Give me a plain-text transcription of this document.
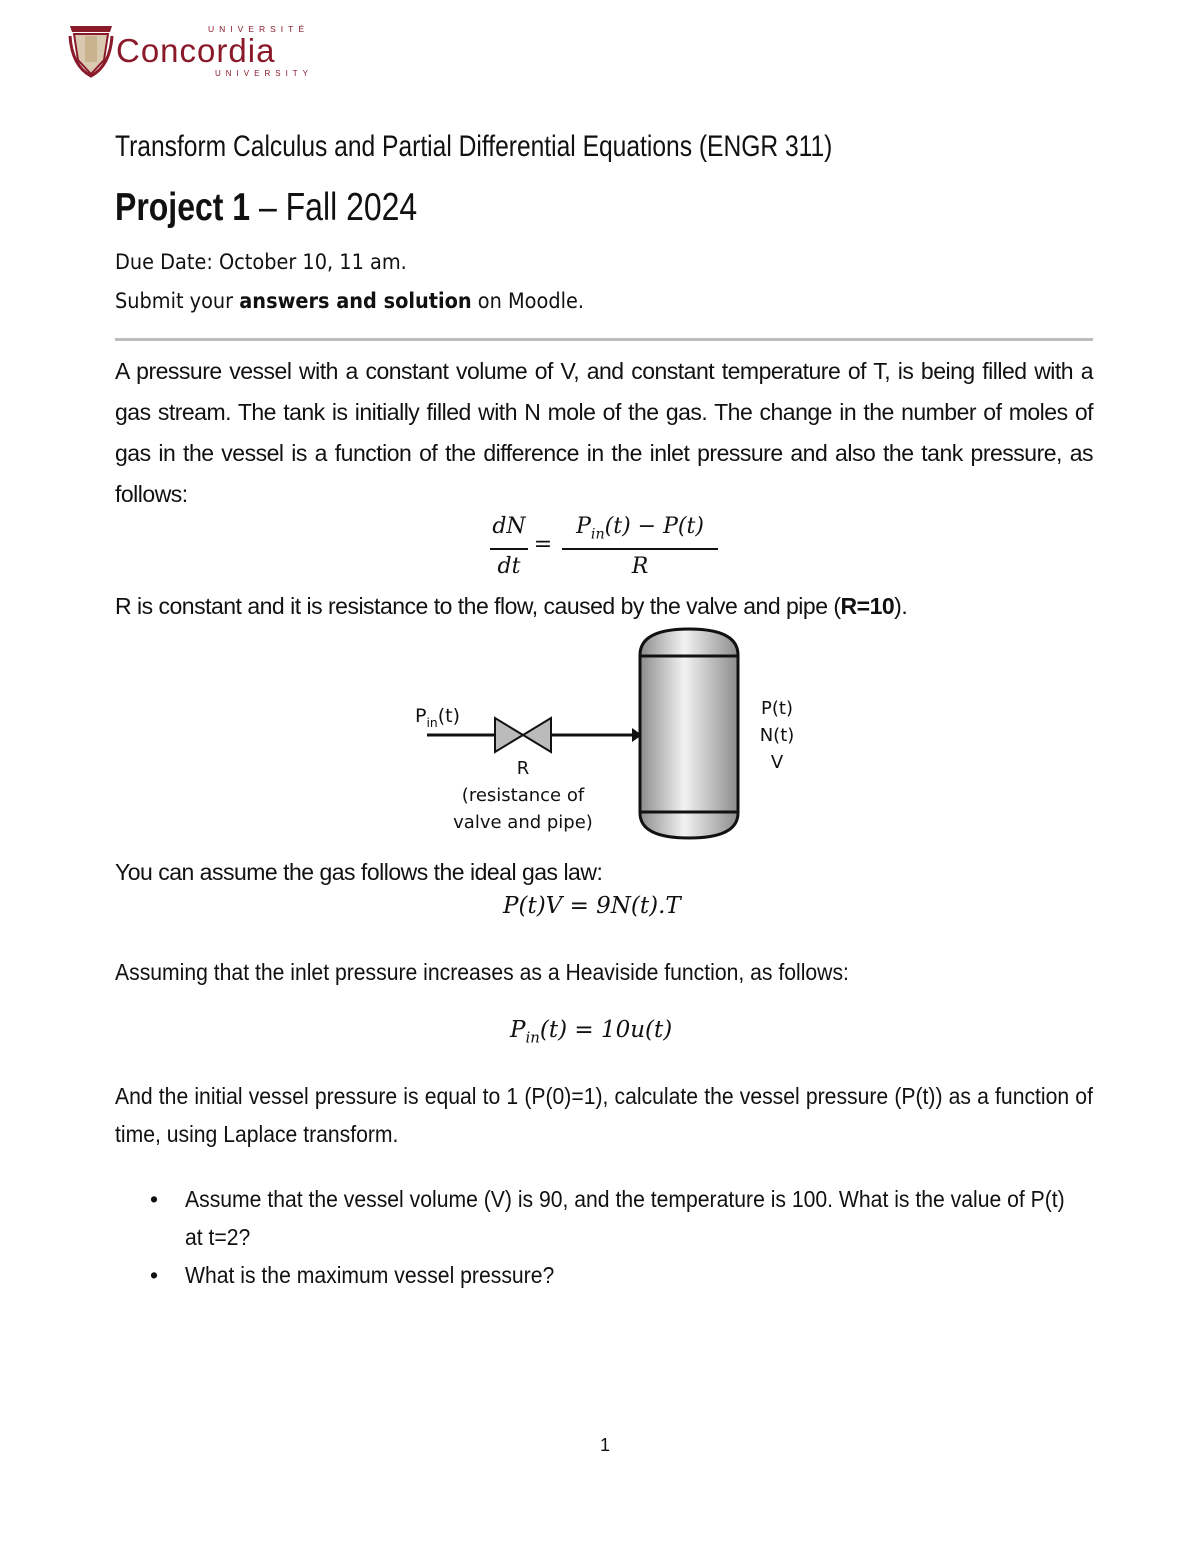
UNIVERSITÉ
Concordia
UNIVERSITY
Transform Calculus and Partial Differential Equations (ENGR 311)
Project 1 – Fall 2024
Due Date: October 10, 11 am.
Submit your answers and solution on Moodle.
A pressure vessel with a constant volume of V, and constant temperature of T, is being filled with a gas stream. The tank is initially filled with N mole of the gas. The change in the number of moles of gas in the vessel is a function of the difference in the inlet pressure and also the tank pressure, as follows:
dN
dt
=
$P_{in}(t) - P(t)$
R
R is constant and it is resistance to the flow, caused by the valve and pipe (R=10).
$P_{in}(t)$
R
(resistance of
valve and pipe)
P(t)
N(t)
V
You can assume the gas follows the ideal gas law:
P(t)V = 9N(t).T
Assuming that the inlet pressure increases as a Heaviside function, as follows:
$P_{in}(t) = 10u(t)$
And the initial vessel pressure is equal to 1 (P(0)=1), calculate the vessel pressure (P(t)) as a function of time, using Laplace transform.
• Assume that the vessel volume (V) is 90, and the temperature is 100. What is the value of P(t) at t=2?
• What is the maximum vessel pressure?
1
